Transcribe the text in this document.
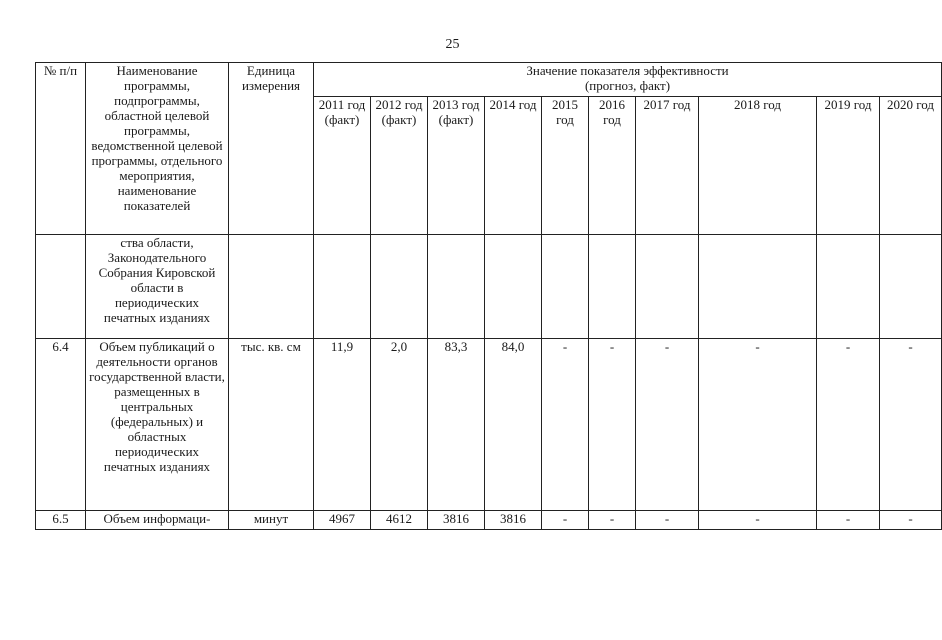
25
№ п/п	Наименование программы, подпрограммы, областной целевой программы, ведомственной целевой программы, отдельного мероприятия, наименование показателей	Единица измерения	Значение показателя эффективности
(прогноз, факт)									

			2011 год (факт)	2012 год (факт)	2013 год (факт)	2014 год	2015 год	2016 год	2017 год	2018 год	2019 год	2020 год
	ства области, Законодательного Собрания Кировской области в периодических печатных изданиях											
6.4	Объем публикаций о деятельности органов государственной власти, размещенных в центральных (федеральных) и областных периодических печатных изданиях	тыс. кв. см	11,9	2,0	83,3	84,0	-	-	-	-	-	-
6.5	Объем информаци-	минут	4967	4612	3816	3816	-	-	-	-	-	-
